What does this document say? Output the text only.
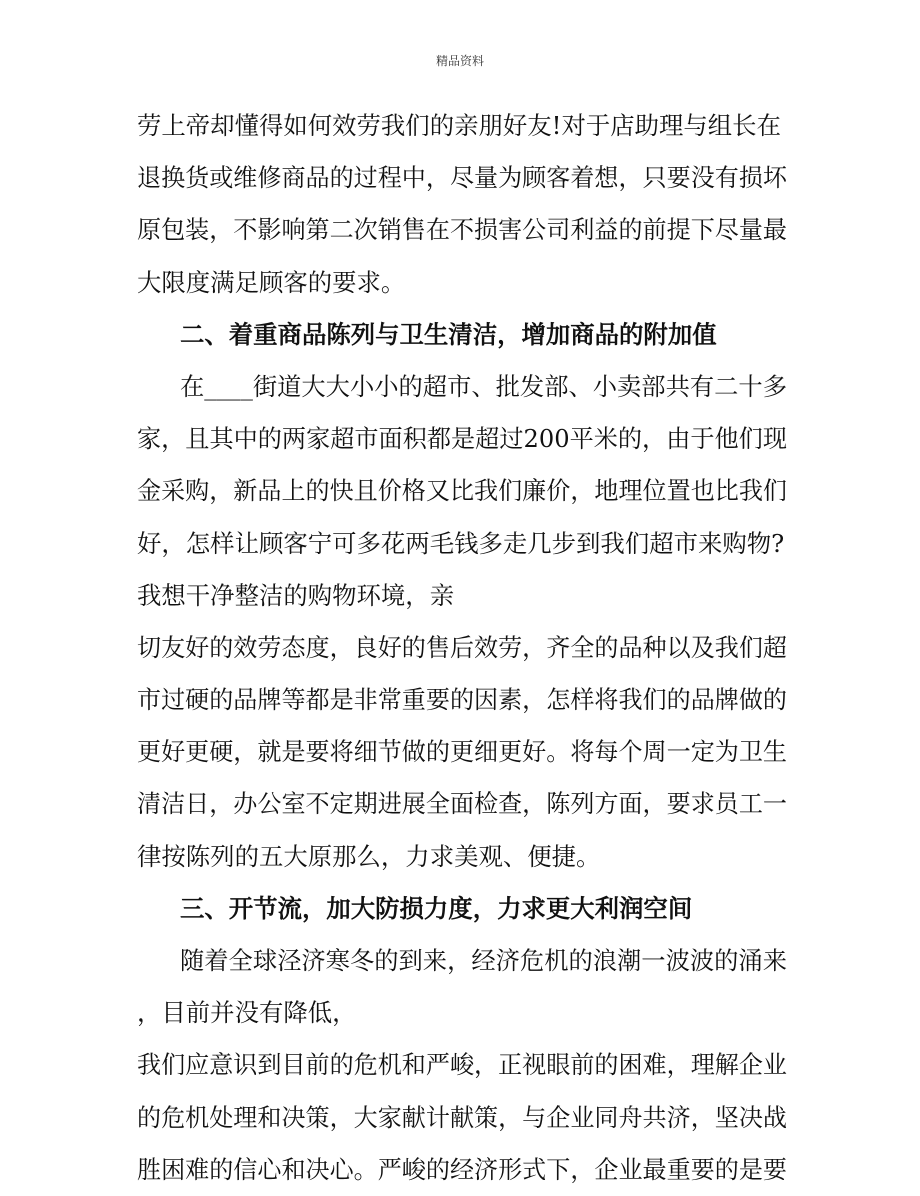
精品资料
劳上帝却懂得如何效劳我们的亲朋好友!对于店助理与组长在
退换货或维修商品的过程中，尽量为顾客着想，只要没有损坏
原包装，不影响第二次销售在不损害公司利益的前提下尽量最
大限度满足顾客的要求。
二、着重商品陈列与卫生清洁，增加商品的附加值
在____街道大大小小的超市、批发部、小卖部共有二十多
家，且其中的两家超市面积都是超过200平米的，由于他们现
金采购，新品上的快且价格又比我们廉价，地理位置也比我们
好，怎样让顾客宁可多花两毛钱多走几步到我们超市来购物?
我想干净整洁的购物环境，亲
切友好的效劳态度，良好的售后效劳，齐全的品种以及我们超
市过硬的品牌等都是非常重要的因素，怎样将我们的品牌做的
更好更硬，就是要将细节做的更细更好。将每个周一定为卫生
清洁日，办公室不定期进展全面检查，陈列方面，要求员工一
律按陈列的五大原那么，力求美观、便捷。
三、开节流，加大防损力度，力求更大利润空间
随着全球泾济寒冬的到来，经济危机的浪潮一波波的涌来
，目前并没有降低，
我们应意识到目前的危机和严峻，正视眼前的困难，理解企业
的危机处理和决策，大家献计献策，与企业同舟共济，坚决战
胜困难的信心和决心。严峻的经济形式下，企业最重要的是要
